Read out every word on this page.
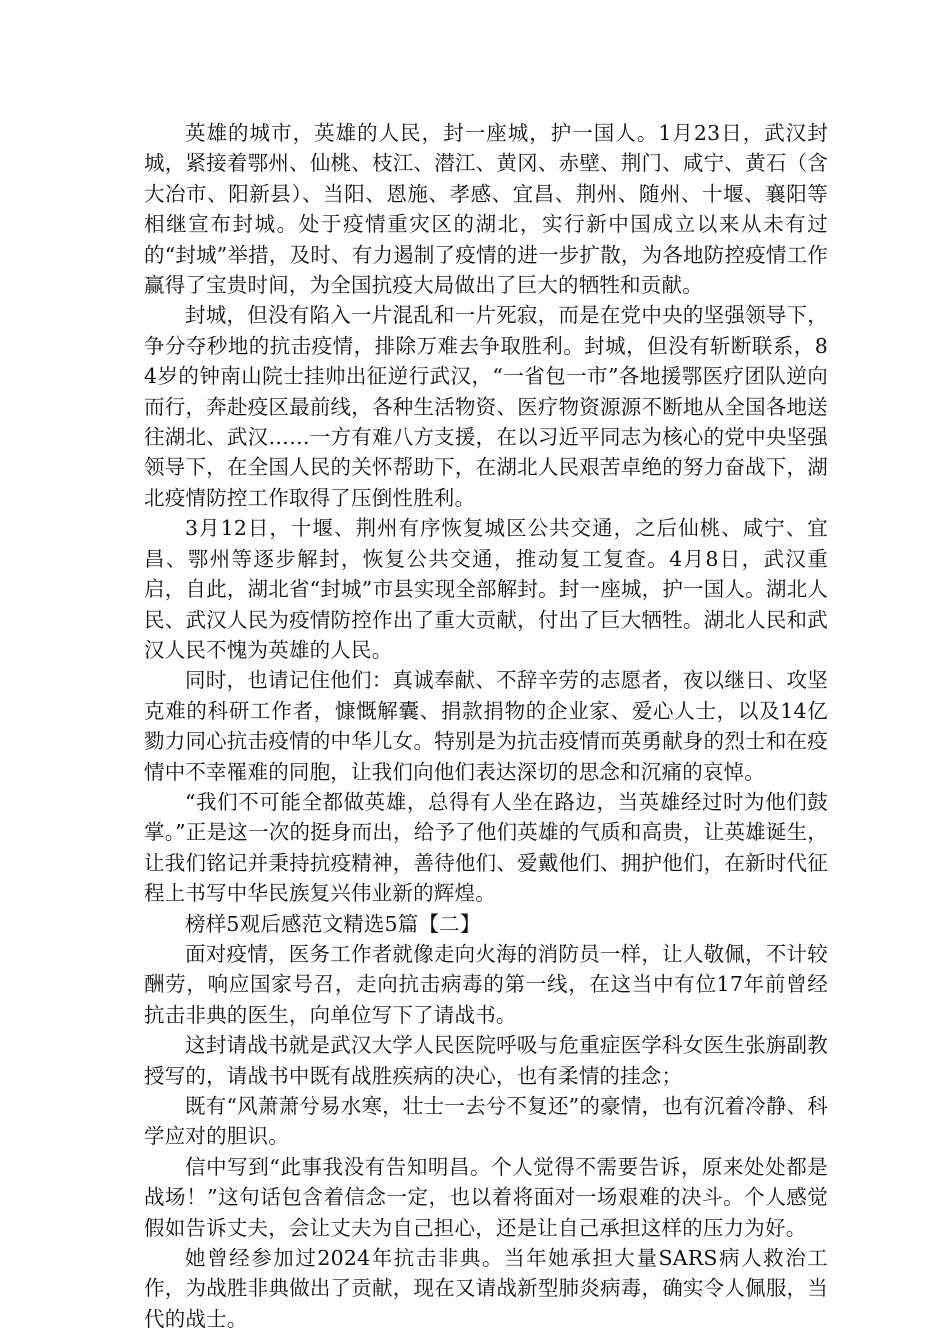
英雄的城市，英雄的人民，封一座城，护一国人。1月23日，武汉封城，紧接着鄂州、仙桃、枝江、潜江、黄冈、赤壁、荆门、咸宁、黄石（含大冶市、阳新县）、当阳、恩施、孝感、宜昌、荆州、随州、十堰、襄阳等相继宣布封城。处于疫情重灾区的湖北，实行新中国成立以来从未有过的“封城”举措，及时、有力遏制了疫情的进一步扩散，为各地防控疫情工作赢得了宝贵时间，为全国抗疫大局做出了巨大的牺牲和贡献。

封城，但没有陷入一片混乱和一片死寂，而是在党中央的坚强领导下，争分夺秒地的抗击疫情，排除万难去争取胜利。封城，但没有斩断联系，84岁的钟南山院士挂帅出征逆行武汉，“一省包一市”各地援鄂医疗团队逆向而行，奔赴疫区最前线，各种生活物资、医疗物资源源不断地从全国各地送往湖北、武汉……一方有难八方支援，在以习近平同志为核心的党中央坚强领导下，在全国人民的关怀帮助下，在湖北人民艰苦卓绝的努力奋战下，湖北疫情防控工作取得了压倒性胜利。

3月12日，十堰、荆州有序恢复城区公共交通，之后仙桃、咸宁、宜昌、鄂州等逐步解封，恢复公共交通，推动复工复查。4月8日，武汉重启，自此，湖北省“封城”市县实现全部解封。封一座城，护一国人。湖北人民、武汉人民为疫情防控作出了重大贡献，付出了巨大牺牲。湖北人民和武汉人民不愧为英雄的人民。

同时，也请记住他们：真诚奉献、不辞辛劳的志愿者，夜以继日、攻坚克难的科研工作者，慷慨解囊、捐款捐物的企业家、爱心人士，以及14亿勠力同心抗击疫情的中华儿女。特别是为抗击疫情而英勇献身的烈士和在疫情中不幸罹难的同胞，让我们向他们表达深切的思念和沉痛的哀悼。

“我们不可能全都做英雄，总得有人坐在路边，当英雄经过时为他们鼓掌。”正是这一次的挺身而出，给予了他们英雄的气质和高贵，让英雄诞生，让我们铭记并秉持抗疫精神，善待他们、爱戴他们、拥护他们，在新时代征程上书写中华民族复兴伟业新的辉煌。

榜样5观后感范文精选5篇【二】

面对疫情，医务工作者就像走向火海的消防员一样，让人敬佩，不计较酬劳，响应国家号召，走向抗击病毒的第一线，在这当中有位17年前曾经抗击非典的医生，向单位写下了请战书。

这封请战书就是武汉大学人民医院呼吸与危重症医学科女医生张旃副教授写的，请战书中既有战胜疾病的决心，也有柔情的挂念；

既有“风萧萧兮易水寒，壮士一去兮不复还”的豪情，也有沉着冷静、科学应对的胆识。

信中写到“此事我没有告知明昌。个人觉得不需要告诉，原来处处都是战场！”这句话包含着信念一定，也以着将面对一场艰难的决斗。个人感觉假如告诉丈夫，会让丈夫为自己担心，还是让自己承担这样的压力为好。

她曾经参加过2024年抗击非典。当年她承担大量SARS病人救治工作，为战胜非典做出了贡献，现在又请战新型肺炎病毒，确实令人佩服，当代的战士。
